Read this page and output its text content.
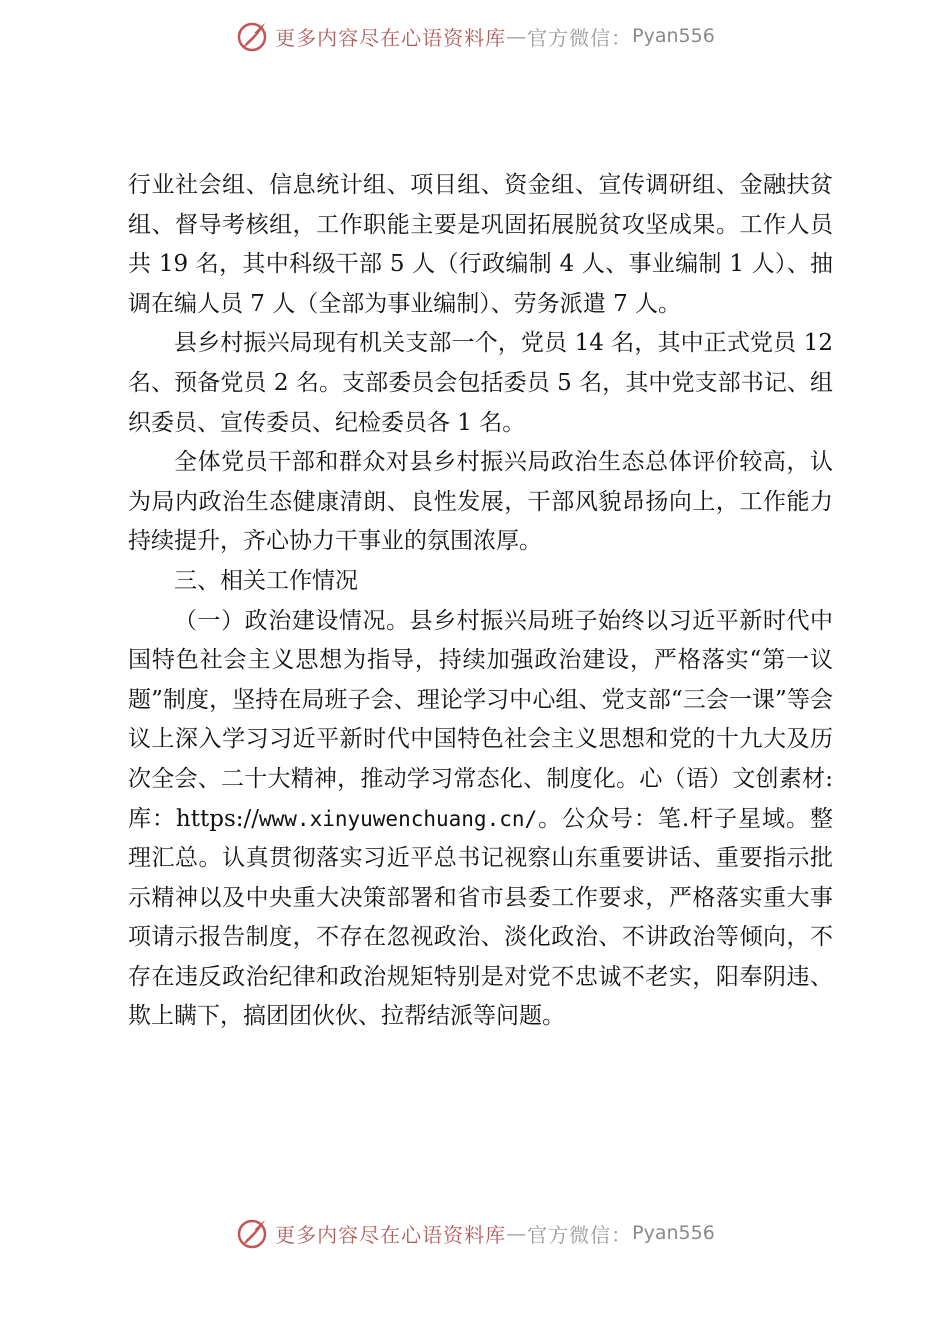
更多内容尽在心语资料库 — 官方微信： Pyan556

行业社会组、信息统计组、项目组、资金组、宣传调研组、金融扶贫组、督导考核组，工作职能主要是巩固拓展脱贫攻坚成果。工作人员共 19 名，其中科级干部 5 人（行政编制 4 人、事业编制 1 人）、抽调在编人员 7 人（全部为事业编制）、劳务派遣 7 人。

县乡村振兴局现有机关支部一个，党员 14 名，其中正式党员 12 名、预备党员 2 名。支部委员会包括委员 5 名，其中党支部书记、组织委员、宣传委员、纪检委员各 1 名。

全体党员干部和群众对县乡村振兴局政治生态总体评价较高，认为局内政治生态健康清朗、良性发展，干部风貌昂扬向上，工作能力持续提升，齐心协力干事业的氛围浓厚。

三、相关工作情况

（一）政治建设情况。县乡村振兴局班子始终以习近平新时代中国特色社会主义思想为指导，持续加强政治建设，严格落实“第一议题”制度，坚持在局班子会、理论学习中心组、党支部“三会一课”等会议上深入学习习近平新时代中国特色社会主义思想和党的十九大及历次全会、二十大精神，推动学习常态化、制度化。心（语）文创素材:库：https://www.xinyuwenchuang.cn/。公众号：笔.杆子星域。整理汇总。认真贯彻落实习近平总书记视察山东重要讲话、重要指示批示精神以及中央重大决策部署和省市县委工作要求，严格落实重大事项请示报告制度，不存在忽视政治、淡化政治、不讲政治等倾向，不存在违反政治纪律和政治规矩特别是对党不忠诚不老实，阳奉阴违、欺上瞒下，搞团团伙伙、拉帮结派等问题。

更多内容尽在心语资料库 — 官方微信： Pyan556
